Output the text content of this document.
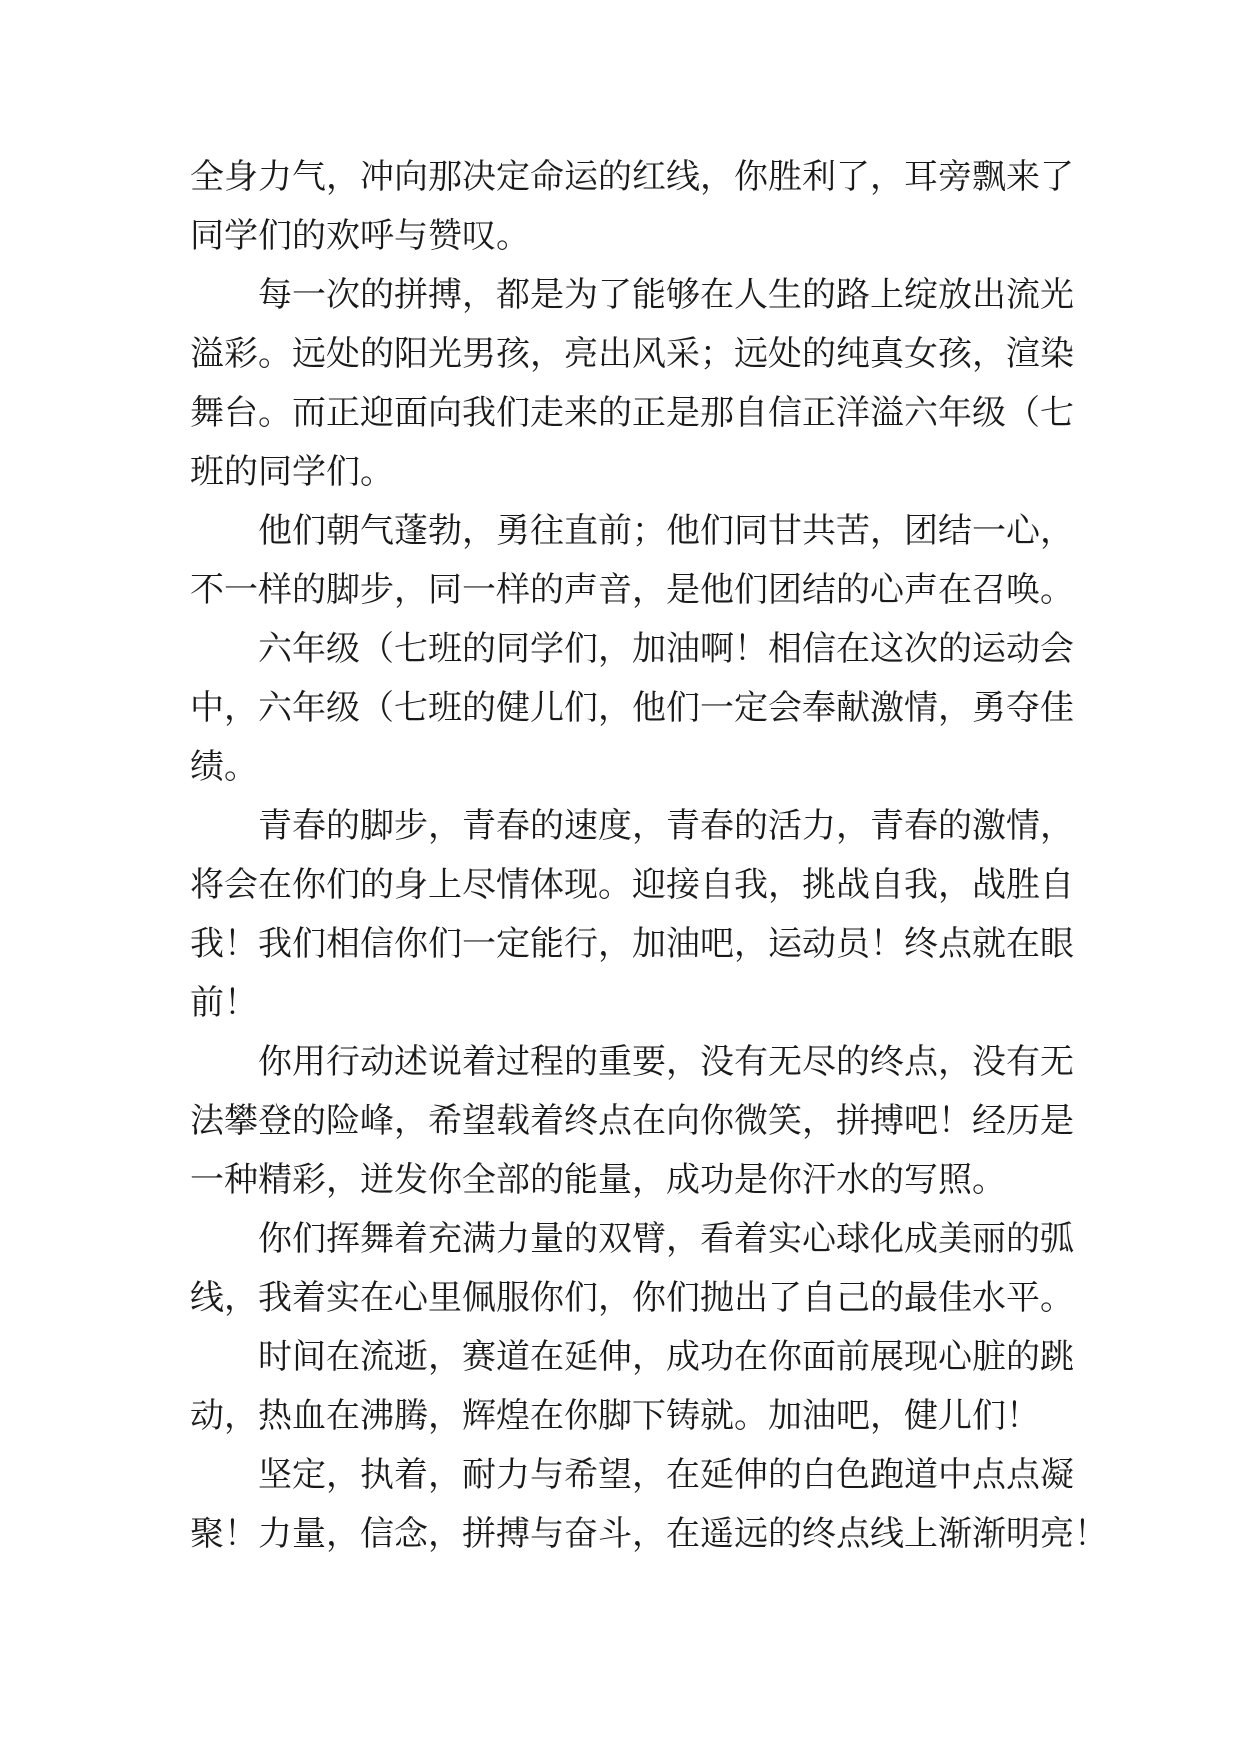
全身力气，冲向那决定命运的红线，你胜利了，耳旁飘来了
同学们的欢呼与赞叹。
每一次的拼搏，都是为了能够在人生的路上绽放出流光
溢彩。远处的阳光男孩，亮出风采；远处的纯真女孩，渲染
舞台。而正迎面向我们走来的正是那自信正洋溢六年级（七
班的同学们。
他们朝气蓬勃，勇往直前；他们同甘共苦，团结一心，
不一样的脚步，同一样的声音，是他们团结的心声在召唤。
六年级（七班的同学们，加油啊！相信在这次的运动会
中，六年级（七班的健儿们，他们一定会奉献激情，勇夺佳
绩。
青春的脚步，青春的速度，青春的活力，青春的激情，
将会在你们的身上尽情体现。迎接自我，挑战自我，战胜自
我！我们相信你们一定能行，加油吧，运动员！终点就在眼
前！
你用行动述说着过程的重要，没有无尽的终点，没有无
法攀登的险峰，希望载着终点在向你微笑，拼搏吧！经历是
一种精彩，迸发你全部的能量，成功是你汗水的写照。
你们挥舞着充满力量的双臂，看着实心球化成美丽的弧
线，我着实在心里佩服你们，你们抛出了自己的最佳水平。
时间在流逝，赛道在延伸，成功在你面前展现心脏的跳
动，热血在沸腾，辉煌在你脚下铸就。加油吧，健儿们！
坚定，执着，耐力与希望，在延伸的白色跑道中点点凝
聚！力量，信念，拼搏与奋斗，在遥远的终点线上渐渐明亮！
